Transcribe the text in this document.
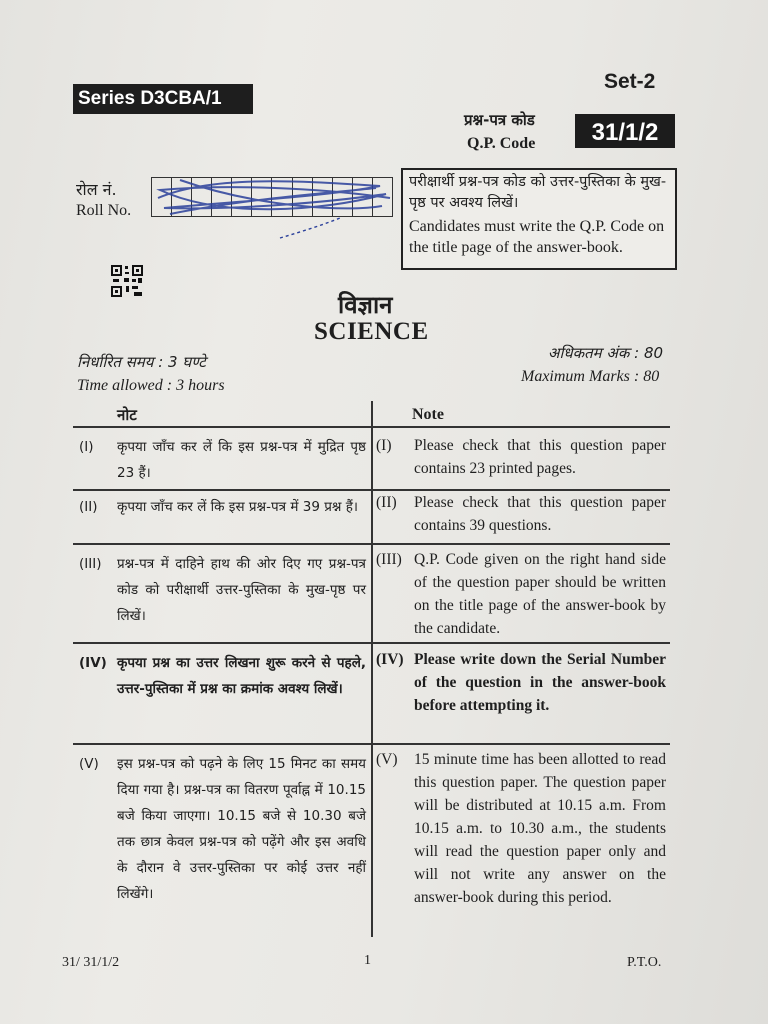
Series D3CBA/1
Set-2
प्रश्न-पत्र कोड
Q.P. Code	31/1/2
रोल नं.
Roll No.
परीक्षार्थी प्रश्न-पत्र कोड को उत्तर-पुस्तिका के मुख-पृष्ठ पर अवश्य लिखें।
Candidates must write the Q.P. Code on the title page of the answer-book.
विज्ञान
SCIENCE
निर्धारित समय : 3 घण्टे
Time allowed : 3 hours
अधिकतम अंक : 80
Maximum Marks : 80
नोट	Note
(I)	कृपया जाँच कर लें कि इस प्रश्न-पत्र में मुद्रित पृष्ठ 23 हैं।
(I)	Please check that this question paper contains 23 printed pages.
(II)	कृपया जाँच कर लें कि इस प्रश्न-पत्र में 39 प्रश्न हैं।	(II)	Please check that this question paper contains 39 questions.
(III)	प्रश्न-पत्र में दाहिने हाथ की ओर दिए गए प्रश्न-पत्र कोड को परीक्षार्थी उत्तर-पुस्तिका के मुख-पृष्ठ पर लिखें।
(III) Q.P. Code given on the right hand side of the question paper should be written on the title page of the answer-book by the candidate.
(IV) कृपया प्रश्न का उत्तर लिखना शुरू करने से पहले, उत्तर-पुस्तिका में प्रश्न का क्रमांक अवश्य लिखें।
(IV) Please write down the Serial Number of the question in the answer-book before attempting it.
(V)	इस प्रश्न-पत्र को पढ़ने के लिए 15 मिनट का समय दिया गया है। प्रश्न-पत्र का वितरण पूर्वाह्न में 10.15 बजे किया जाएगा। 10.15 बजे से 10.30 बजे तक छात्र केवल प्रश्न-पत्र को पढ़ेंगे और इस अवधि के दौरान वे उत्तर-पुस्तिका पर कोई उत्तर नहीं लिखेंगे।
(V)	15 minute time has been allotted to read this question paper. The question paper will be distributed at 10.15 a.m. From 10.15 a.m. to 10.30 a.m., the students will read the question paper only and will not write any answer on the answer-book during this period.
31/ 31/1/2	1	P.T.O.
